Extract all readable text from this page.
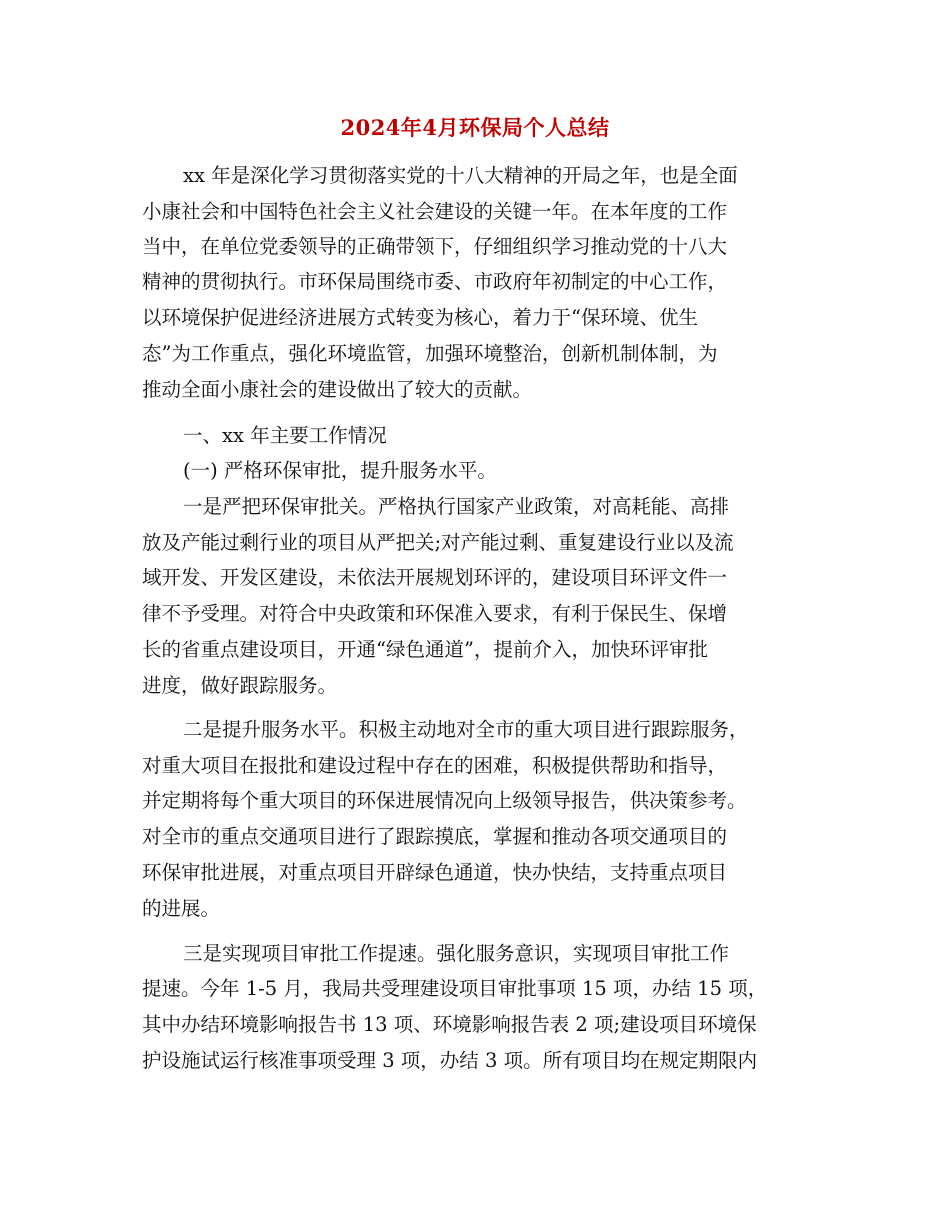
2024年4月环保局个人总结
xx 年是深化学习贯彻落实党的十八大精神的开局之年，也是全面
小康社会和中国特色社会主义社会建设的关键一年。在本年度的工作
当中，在单位党委领导的正确带领下，仔细组织学习推动党的十八大
精神的贯彻执行。市环保局围绕市委、市政府年初制定的中心工作，
以环境保护促进经济进展方式转变为核心，着力于“保环境、优生
态”为工作重点，强化环境监管，加强环境整治，创新机制体制，为
推动全面小康社会的建设做出了较大的贡献。
一、xx 年主要工作情况
(一) 严格环保审批，提升服务水平。
一是严把环保审批关。严格执行国家产业政策，对高耗能、高排
放及产能过剩行业的项目从严把关;对产能过剩、重复建设行业以及流
域开发、开发区建设，未依法开展规划环评的，建设项目环评文件一
律不予受理。对符合中央政策和环保准入要求，有利于保民生、保增
长的省重点建设项目，开通“绿色通道”，提前介入，加快环评审批
进度，做好跟踪服务。
二是提升服务水平。积极主动地对全市的重大项目进行跟踪服务，
对重大项目在报批和建设过程中存在的困难，积极提供帮助和指导，
并定期将每个重大项目的环保进展情况向上级领导报告，供决策参考。
对全市的重点交通项目进行了跟踪摸底，掌握和推动各项交通项目的
环保审批进展，对重点项目开辟绿色通道，快办快结，支持重点项目
的进展。
三是实现项目审批工作提速。强化服务意识，实现项目审批工作
提速。今年 1-5 月，我局共受理建设项目审批事项 15 项，办结 15 项，
其中办结环境影响报告书 13 项、环境影响报告表 2 项;建设项目环境保
护设施试运行核准事项受理 3 项，办结 3 项。所有项目均在规定期限内
